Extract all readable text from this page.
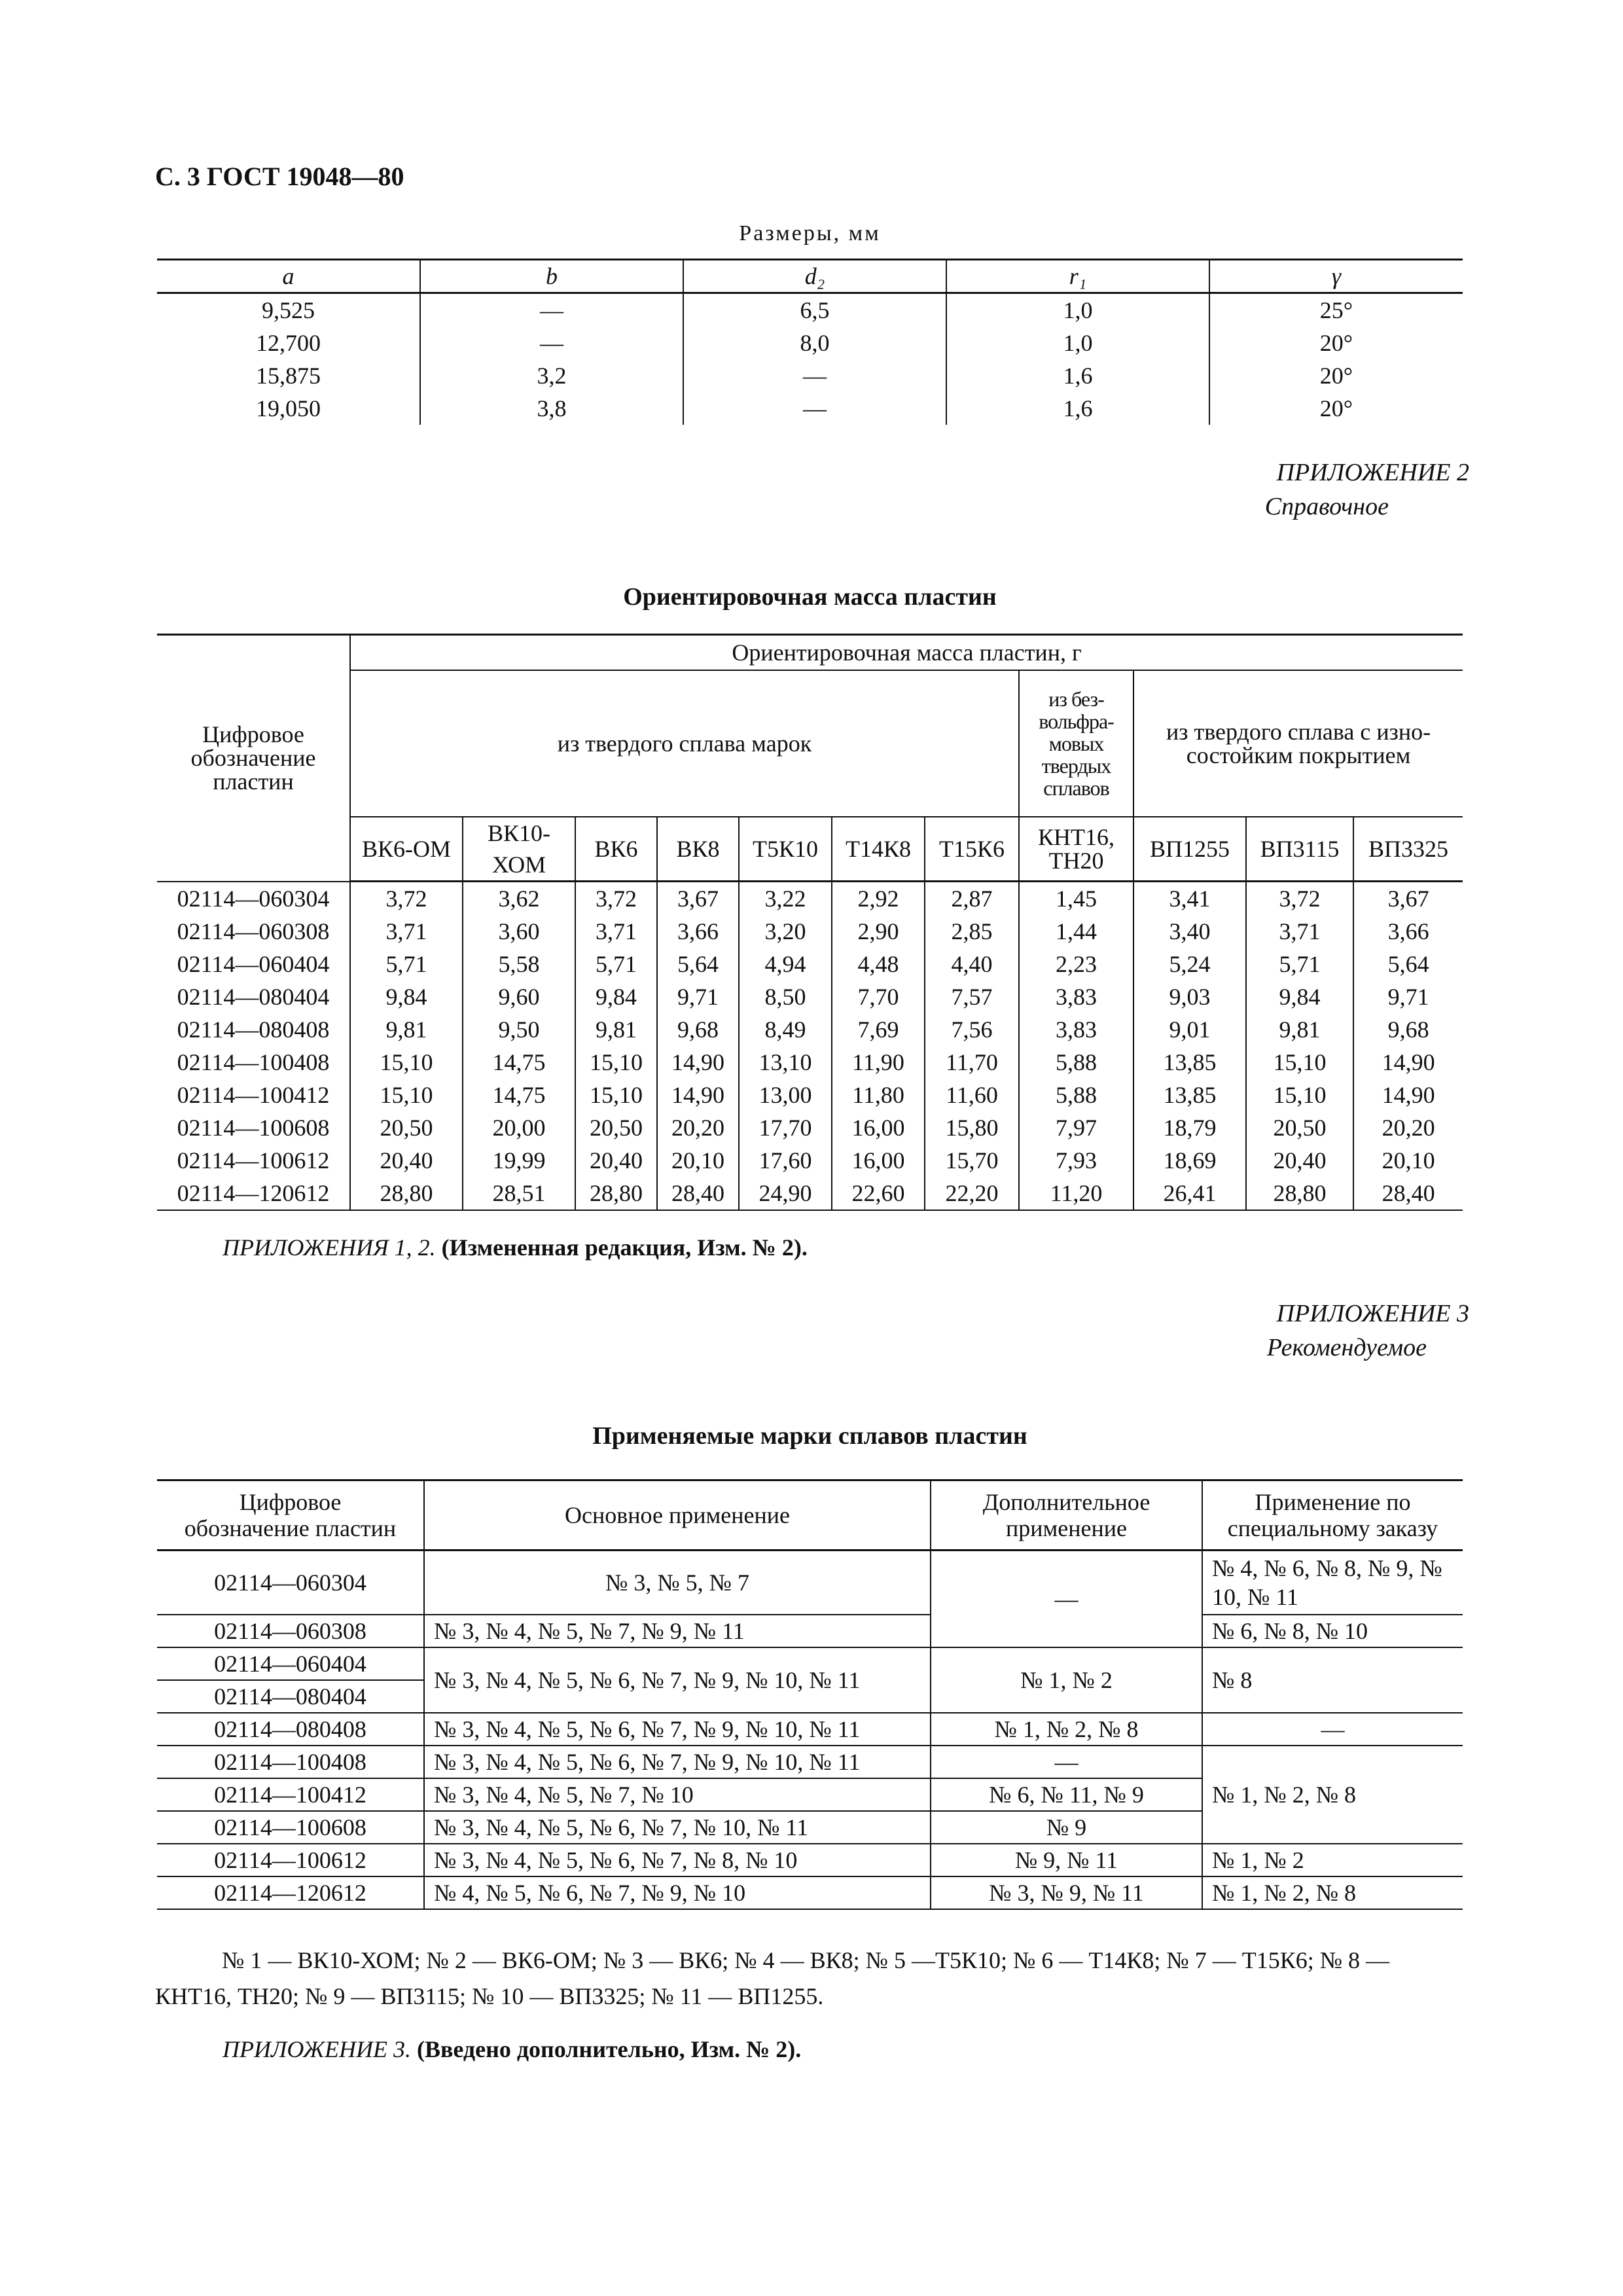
С. 3 ГОСТ 19048—80
Размеры, мм
a	b	d₂	r₁	γ
9,525	—	6,5	1,0	25°
12,700	—	8,0	1,0	20°
15,875	3,2	—	1,6	20°
19,050	3,8	—	1,6	20°
ПРИЛОЖЕНИЕ 2
Справочное
Ориентировочная масса пластин
Цифровое обозначение пластин	Ориентировочная масса пластин, г										
	из твердого сплава марок							из без-вольфра-мовых твердых сплавов	из твердого сплава с изно-состойким покрытием		
	ВК6-ОМ	ВК10-ХОМ	ВК6	ВК8	Т5К10	Т14К8	Т15К6	КНТ16, ТН20	ВП1255	ВП3115	ВП3325
02114—060304	3,72	3,62	3,72	3,67	3,22	2,92	2,87	1,45	3,41	3,72	3,67
02114—060308	3,71	3,60	3,71	3,66	3,20	2,90	2,85	1,44	3,40	3,71	3,66
02114—060404	5,71	5,58	5,71	5,64	4,94	4,48	4,40	2,23	5,24	5,71	5,64
02114—080404	9,84	9,60	9,84	9,71	8,50	7,70	7,57	3,83	9,03	9,84	9,71
02114—080408	9,81	9,50	9,81	9,68	8,49	7,69	7,56	3,83	9,01	9,81	9,68
02114—100408	15,10	14,75	15,10	14,90	13,10	11,90	11,70	5,88	13,85	15,10	14,90
02114—100412	15,10	14,75	15,10	14,90	13,00	11,80	11,60	5,88	13,85	15,10	14,90
02114—100608	20,50	20,00	20,50	20,20	17,70	16,00	15,80	7,97	18,79	20,50	20,20
02114—100612	20,40	19,99	20,40	20,10	17,60	16,00	15,70	7,93	18,69	20,40	20,10
02114—120612	28,80	28,51	28,80	28,40	24,90	22,60	22,20	11,20	26,41	28,80	28,40
ПРИЛОЖЕНИЯ 1, 2. (Измененная редакция, Изм. № 2).
ПРИЛОЖЕНИЕ 3
Рекомендуемое
Применяемые марки сплавов пластин
Цифровое обозначение пластин	Основное применение	Дополнительное применение	Применение по специальному заказу
02114—060304	№ 3, № 5, № 7	—	№ 4, № 6, № 8, № 9, № 10, № 11
02114—060308	№ 3, № 4, № 5, № 7, № 9, № 11		№ 6, № 8, № 10
02114—060404	№ 3, № 4, № 5, № 6, № 7, № 9, № 10, № 11	№ 1, № 2	№ 8
02114—080404			
02114—080408	№ 3, № 4, № 5, № 6, № 7, № 9, № 10, № 11	№ 1, № 2, № 8	—
02114—100408	№ 3, № 4, № 5, № 6, № 7, № 9, № 10, № 11	—	№ 1, № 2, № 8
02114—100412	№ 3, № 4, № 5, № 7, № 10	№ 6, № 11, № 9	
02114—100608	№ 3, № 4, № 5, № 6, № 7, № 10, № 11	№ 9	
02114—100612	№ 3, № 4, № 5, № 6, № 7, № 8, № 10	№ 9, № 11	№ 1, № 2
02114—120612	№ 4, № 5, № 6, № 7, № 9, № 10	№ 3, № 9, № 11	№ 1, № 2, № 8
№ 1 — ВК10-ХОМ; № 2 — ВК6-ОМ; № 3 — ВК6; № 4 — ВК8; № 5 —Т5К10; № 6 — Т14К8; № 7 — Т15К6; № 8 — КНТ16, ТН20; № 9 — ВП3115; № 10 — ВП3325; № 11 — ВП1255.
ПРИЛОЖЕНИЕ 3. (Введено дополнительно, Изм. № 2).
